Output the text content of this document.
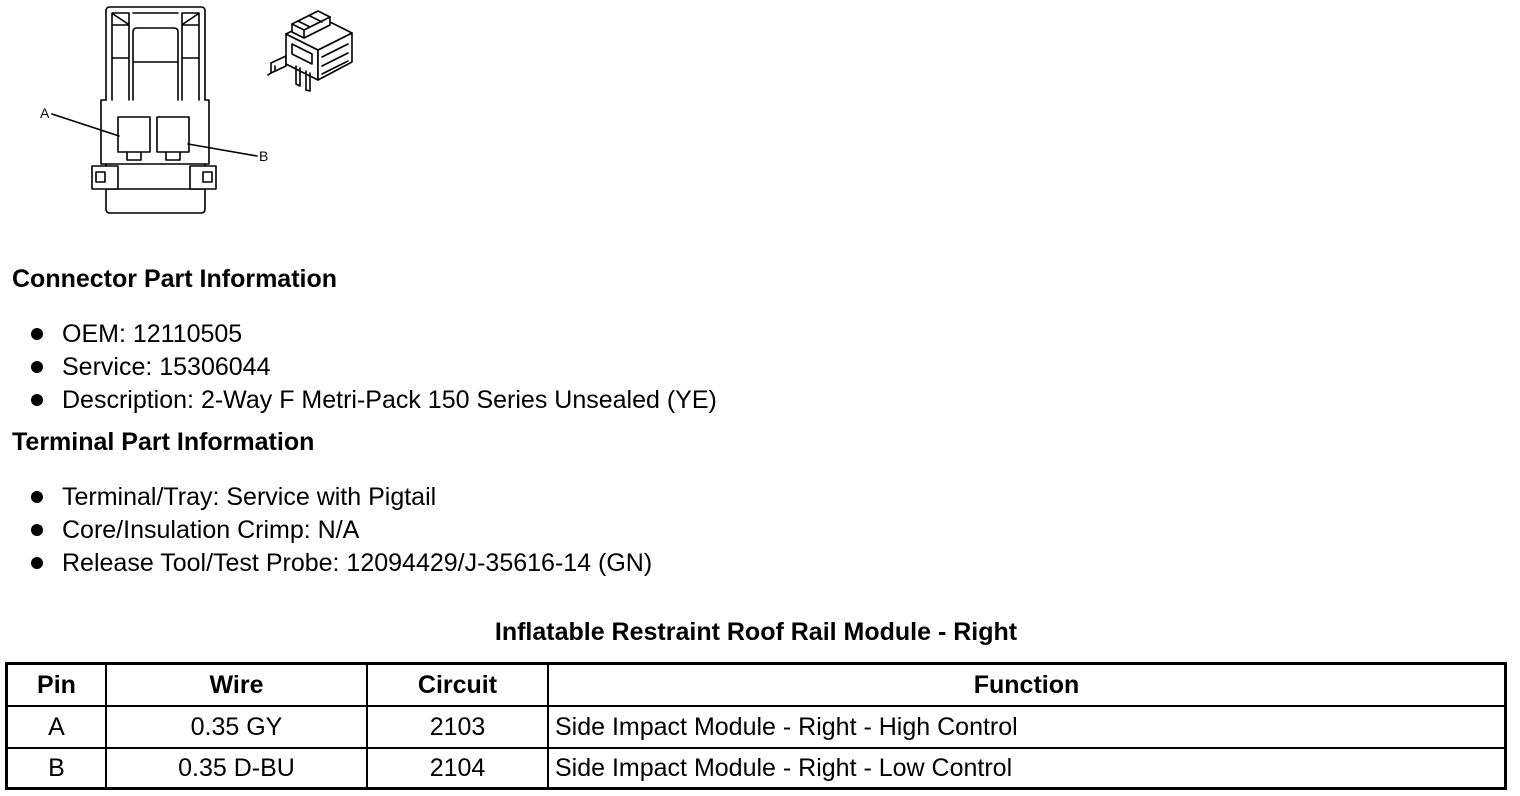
A
B
Connector Part Information
OEM: 12110505
Service: 15306044
Description: 2-Way F Metri-Pack 150 Series Unsealed (YE)
Terminal Part Information
Terminal/Tray: Service with Pigtail
Core/Insulation Crimp: N/A
Release Tool/Test Probe: 12094429/J-35616-14 (GN)
Inflatable Restraint Roof Rail Module - Right
Pin	Wire	Circuit	Function
A	0.35 GY	2103	Side Impact Module - Right - High Control
B	0.35 D-BU	2104	Side Impact Module - Right - Low Control
